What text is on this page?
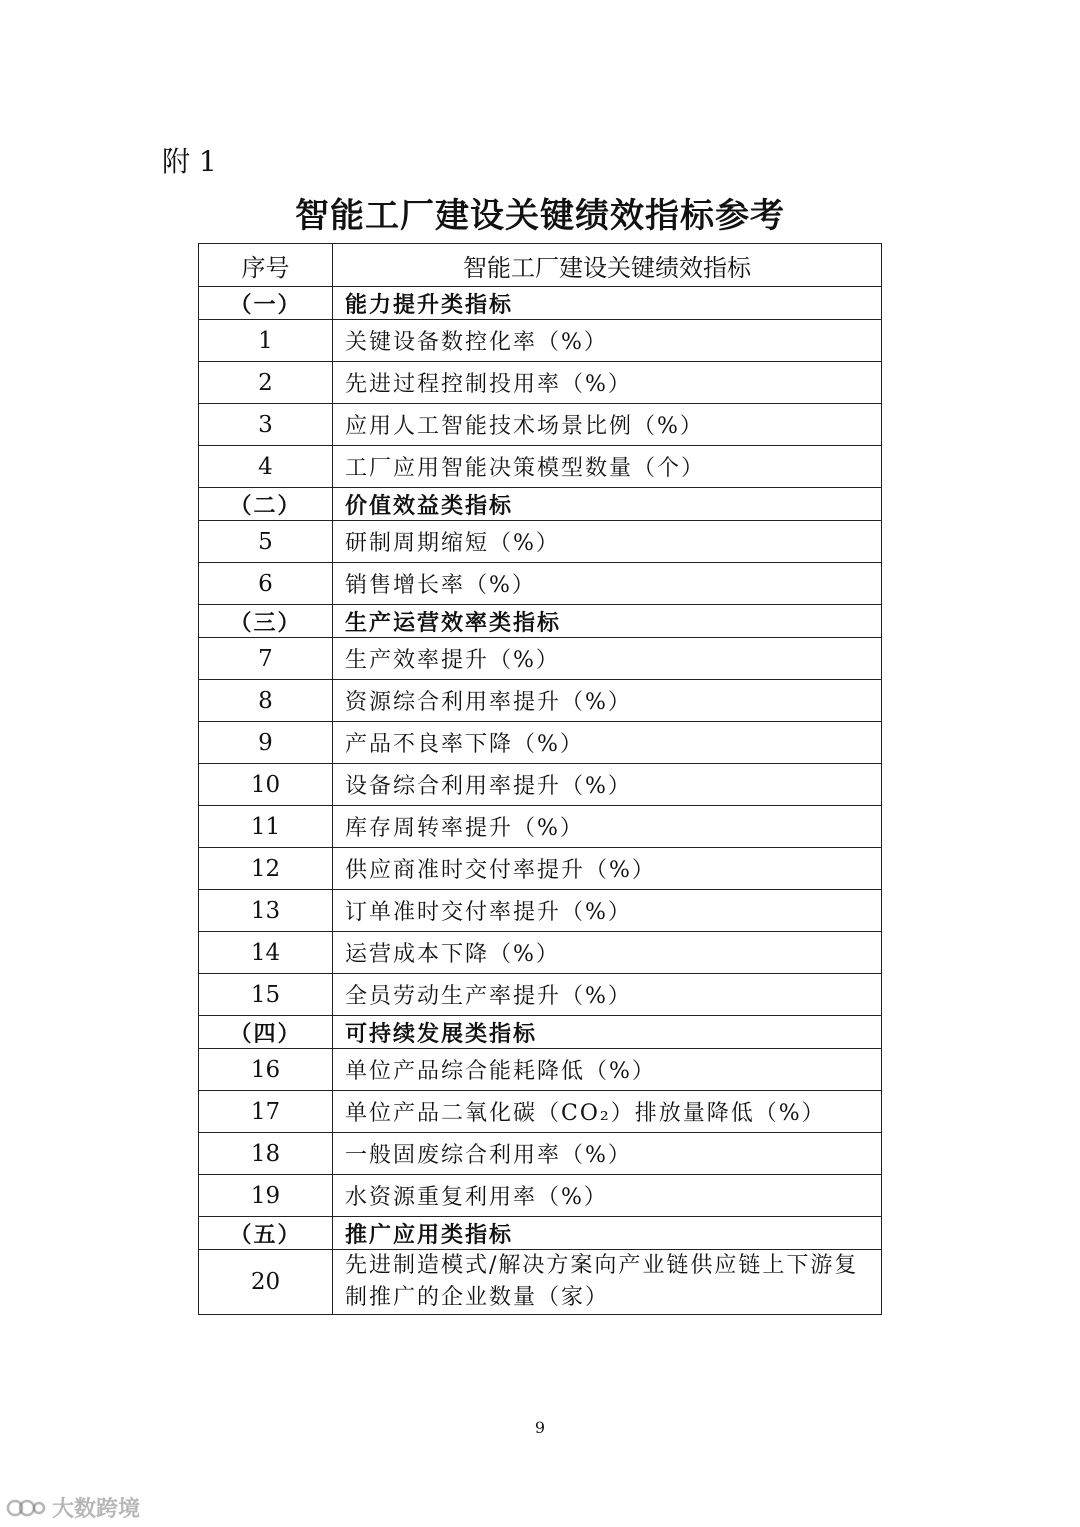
附 1
智能工厂建设关键绩效指标参考
序号	智能工厂建设关键绩效指标
（一）	能力提升类指标
1	关键设备数控化率（%）
2	先进过程控制投用率（%）
3	应用人工智能技术场景比例（%）
4	工厂应用智能决策模型数量（个）
（二）	价值效益类指标
5	研制周期缩短（%）
6	销售增长率（%）
（三）	生产运营效率类指标
7	生产效率提升（%）
8	资源综合利用率提升（%）
9	产品不良率下降（%）
10	设备综合利用率提升（%）
11	库存周转率提升（%）
12	供应商准时交付率提升（%）
13	订单准时交付率提升（%）
14	运营成本下降（%）
15	全员劳动生产率提升（%）
（四）	可持续发展类指标
16	单位产品综合能耗降低（%）
17	单位产品二氧化碳（CO₂）排放量降低（%）
18	一般固废综合利用率（%）
19	水资源重复利用率（%）
（五）	推广应用类指标
20	先进制造模式/解决方案向产业链供应链上下游复制推广的企业数量（家）
9
大数跨境
